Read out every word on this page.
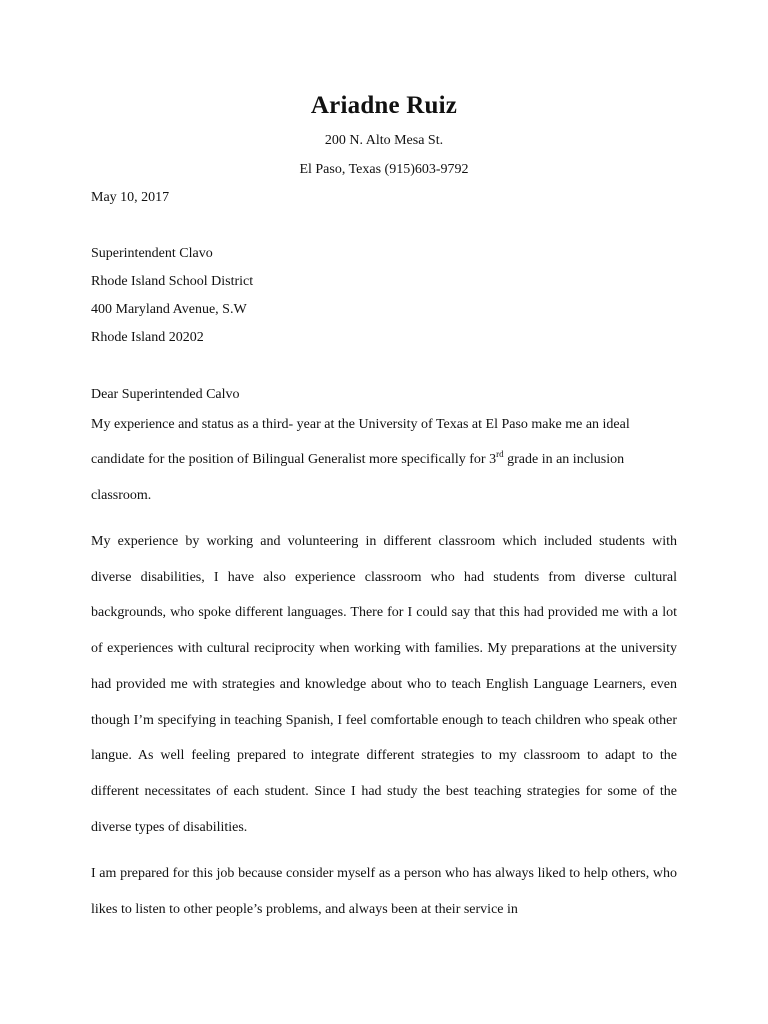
Ariadne Ruiz

200 N. Alto Mesa St.

El Paso, Texas (915)603-9792

May 10, 2017

Superintendent Clavo

Rhode Island School District

400 Maryland Avenue, S.W

Rhode Island 20202

Dear Superintended Calvo

My experience and status as a third- year at the University of Texas at El Paso make me an ideal candidate for the position of Bilingual Generalist more specifically for 3rd grade in an inclusion classroom.

My experience by working and volunteering in different classroom which included students with diverse disabilities, I have also experience classroom who had students from diverse cultural backgrounds, who spoke different languages. There for I could say that this had provided me with a lot of experiences with cultural reciprocity when working with families. My preparations at the university had provided me with strategies and knowledge about who to teach English Language Learners, even though I’m specifying in teaching Spanish, I feel comfortable enough to teach children who speak other langue. As well feeling prepared to integrate different strategies to my classroom to adapt to the different necessitates of each student. Since I had study the best teaching strategies for some of the diverse types of disabilities.

I am prepared for this job because consider myself as a person who has always liked to help others, who likes to listen to other people’s problems, and always been at their service in
